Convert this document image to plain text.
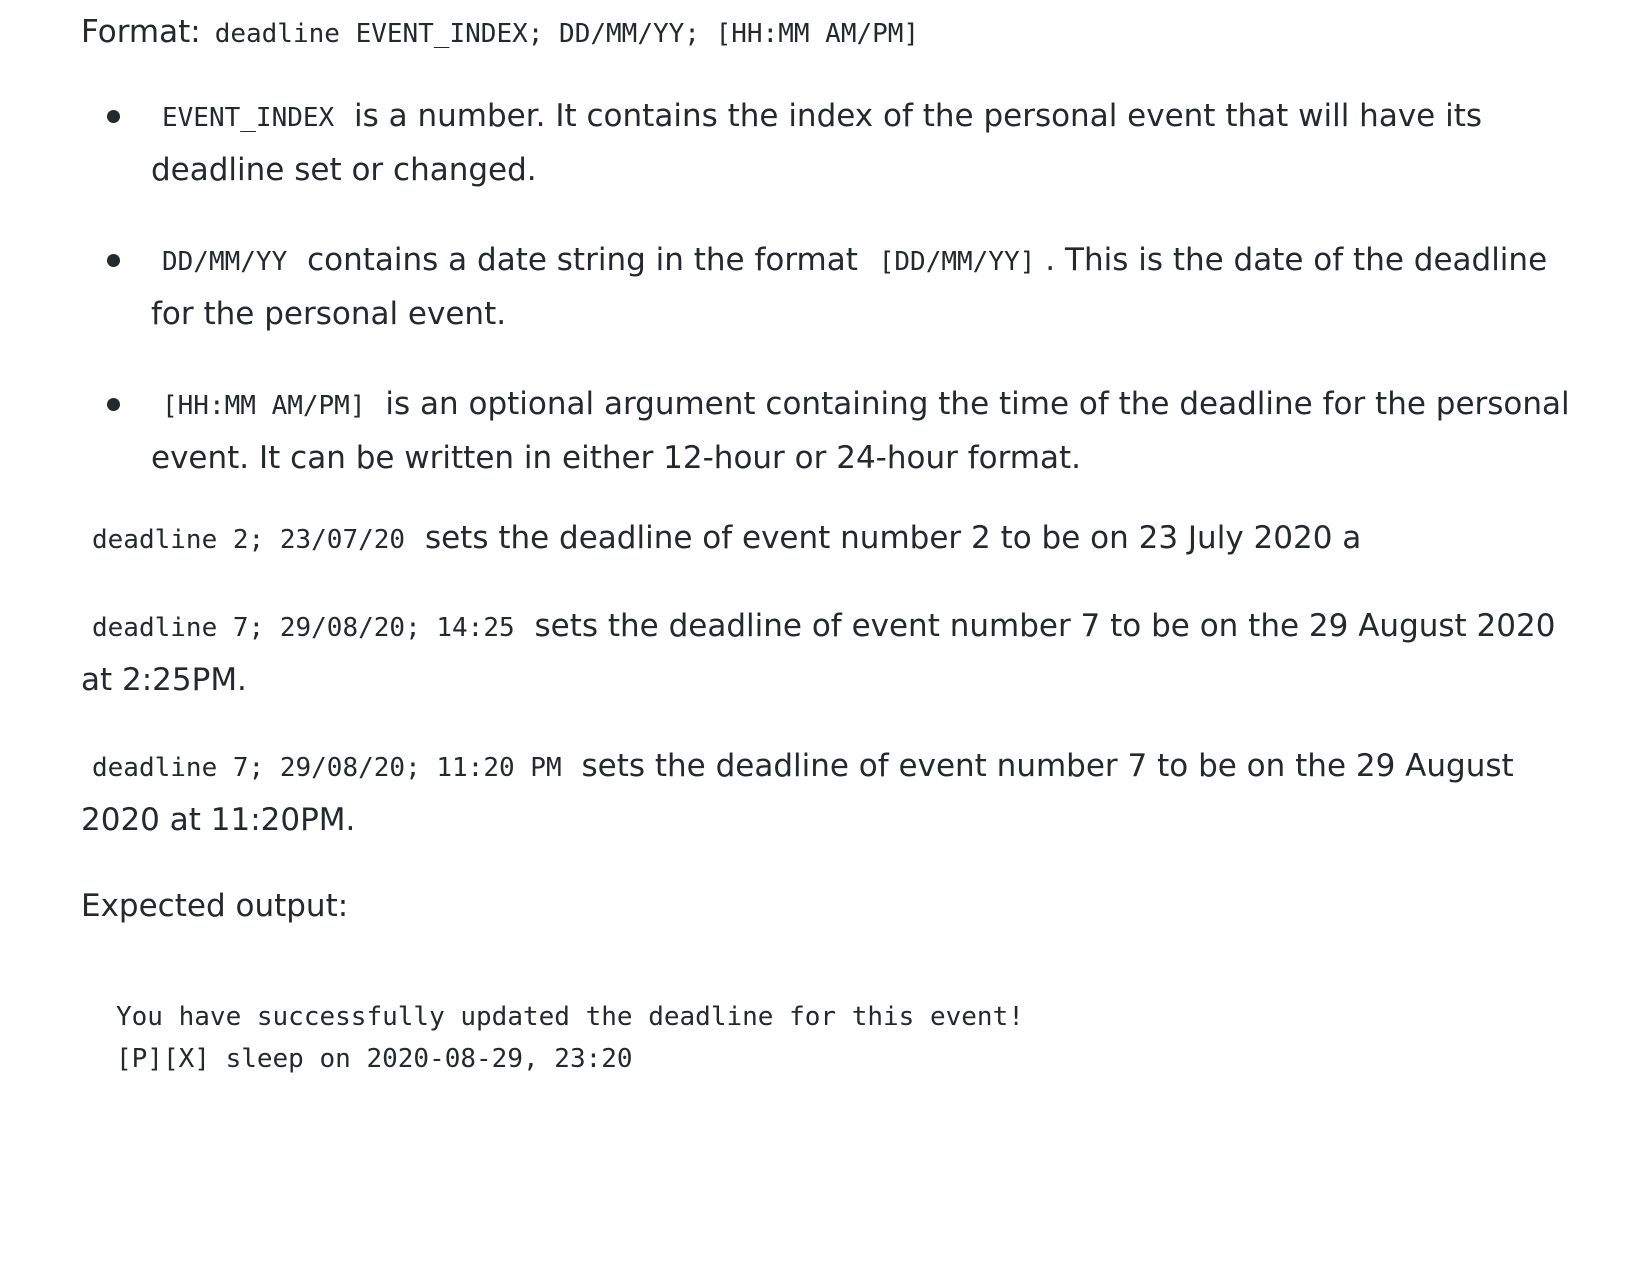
Format: deadline EVENT_INDEX; DD/MM/YY; [HH:MM AM/PM]
EVENT_INDEX is a number. It contains the index of the personal event that will have its deadline set or changed.
DD/MM/YY contains a date string in the format [DD/MM/YY] . This is the date of the deadline for the personal event.
[HH:MM AM/PM] is an optional argument containing the time of the deadline for the personal event. It can be written in either 12-hour or 24-hour format.
deadline 2; 23/07/20 sets the deadline of event number 2 to be on 23 July 2020 a
deadline 7; 29/08/20; 14:25 sets the deadline of event number 7 to be on the 29 August 2020 at 2:25PM.
deadline 7; 29/08/20; 11:20 PM sets the deadline of event number 7 to be on the 29 August 2020 at 11:20PM.
Expected output:
You have successfully updated the deadline for this event!
[P][X] sleep on 2020-08-29, 23:20
